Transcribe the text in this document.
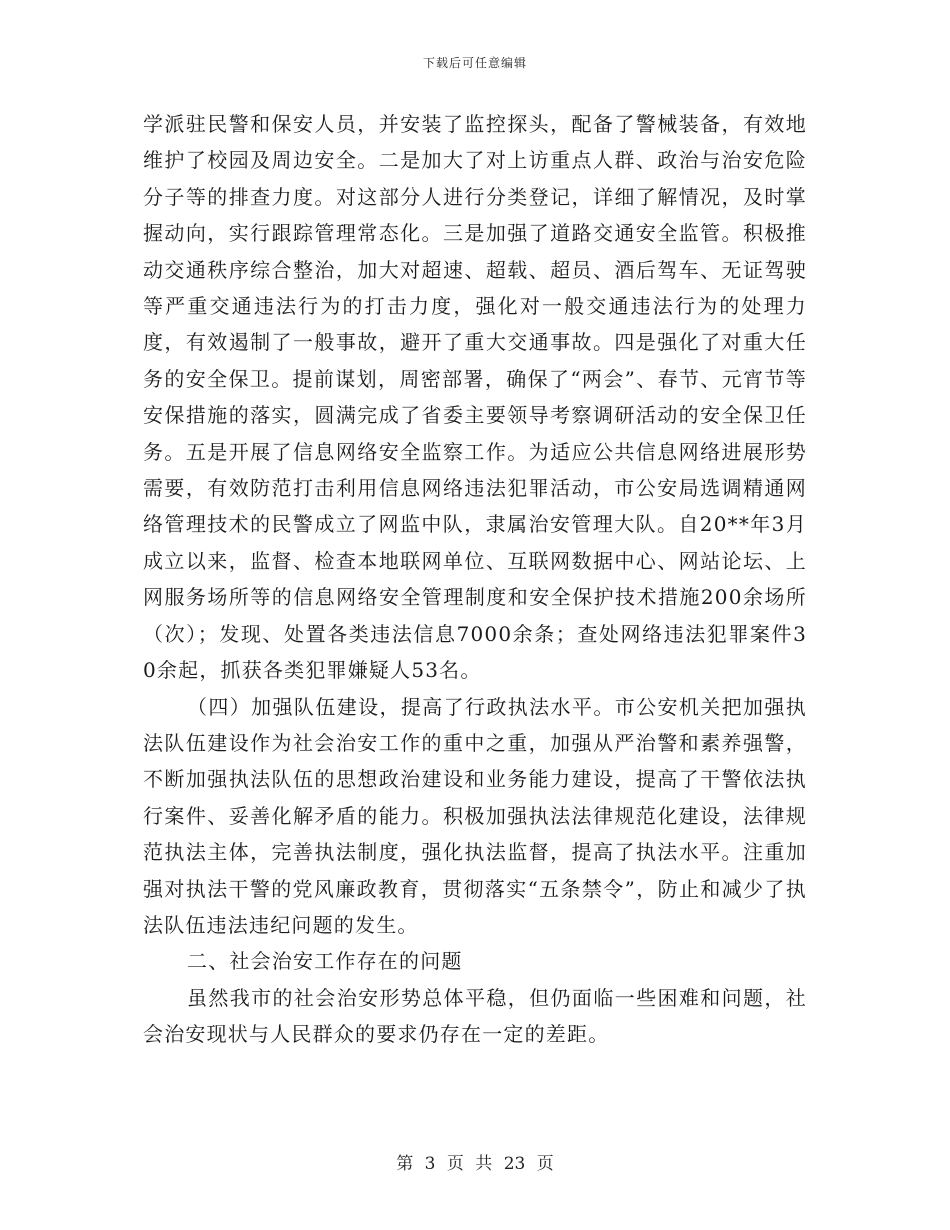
下载后可任意编辑

学派驻民警和保安人员，并安装了监控探头，配备了警械装备，有效地维护了校园及周边安全。二是加大了对上访重点人群、政治与治安危险分子等的排查力度。对这部分人进行分类登记，详细了解情况，及时掌握动向，实行跟踪管理常态化。三是加强了道路交通安全监管。积极推动交通秩序综合整治，加大对超速、超载、超员、酒后驾车、无证驾驶等严重交通违法行为的打击力度，强化对一般交通违法行为的处理力度，有效遏制了一般事故，避开了重大交通事故。四是强化了对重大任务的安全保卫。提前谋划，周密部署，确保了“两会”、春节、元宵节等安保措施的落实，圆满完成了省委主要领导考察调研活动的安全保卫任务。五是开展了信息网络安全监察工作。为适应公共信息网络进展形势需要，有效防范打击利用信息网络违法犯罪活动，市公安局选调精通网络管理技术的民警成立了网监中队，隶属治安管理大队。自20**年3月成立以来，监督、检查本地联网单位、互联网数据中心、网站论坛、上网服务场所等的信息网络安全管理制度和安全保护技术措施200余场所（次）；发现、处置各类违法信息7000余条；查处网络违法犯罪案件30余起，抓获各类犯罪嫌疑人53名。

（四）加强队伍建设，提高了行政执法水平。市公安机关把加强执法队伍建设作为社会治安工作的重中之重，加强从严治警和素养强警，不断加强执法队伍的思想政治建设和业务能力建设，提高了干警依法执行案件、妥善化解矛盾的能力。积极加强执法法律规范化建设，法律规范执法主体，完善执法制度，强化执法监督，提高了执法水平。注重加强对执法干警的党风廉政教育，贯彻落实“五条禁令”，防止和减少了执法队伍违法违纪问题的发生。

二、社会治安工作存在的问题

虽然我市的社会治安形势总体平稳，但仍面临一些困难和问题，社会治安现状与人民群众的要求仍存在一定的差距。

第 3 页 共 23 页
